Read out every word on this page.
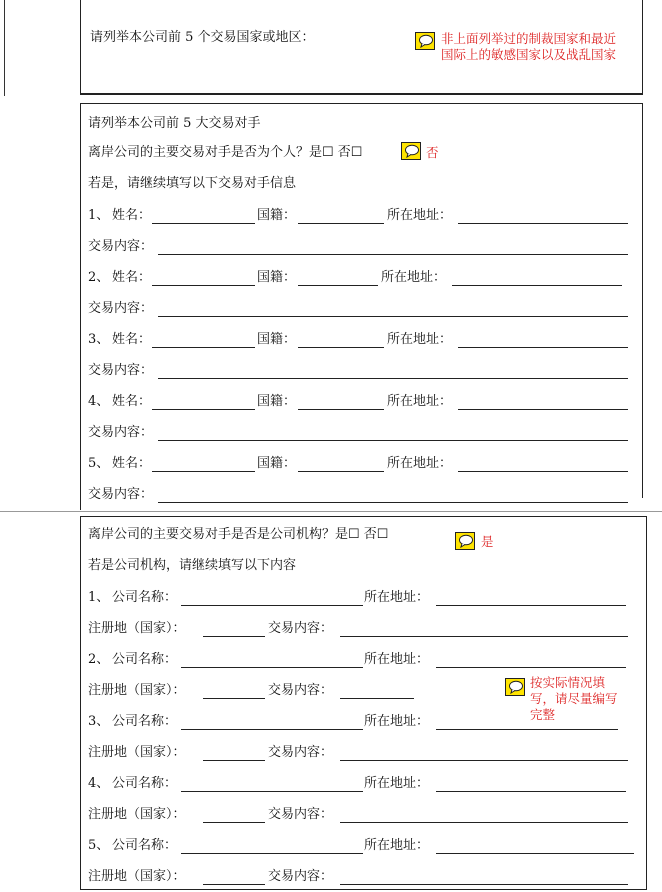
请列举本公司前 5 个交易国家或地区：	非上面列举过的制裁国家和最近
国际上的敏感国家以及战乱国家
请列举本公司前 5 大交易对手
离岸公司的主要交易对手是否为个人？是☐ 否☐	否
若是，请继续填写以下交易对手信息
1、 姓名：	国籍：	所在地址：
交易内容：
2、 姓名：	国籍：	所在地址：
交易内容：
3、 姓名：	国籍：	所在地址：
交易内容：
4、 姓名：	国籍：	所在地址：
交易内容：
5、 姓名：	国籍：	所在地址：
交易内容：
离岸公司的主要交易对手是否是公司机构？是☐ 否☐	是
若是公司机构，请继续填写以下内容
1、 公司名称：	所在地址：
注册地（国家）：	交易内容：
2、 公司名称：	所在地址：
注册地（国家）：	交易内容：
3、 公司名称：	所在地址：
注册地（国家）：	交易内容：
4、 公司名称：	所在地址：
注册地（国家）：	交易内容：
5、 公司名称：	所在地址：
注册地（国家）：	交易内容：
按实际情况填
写，请尽量编写
完整
